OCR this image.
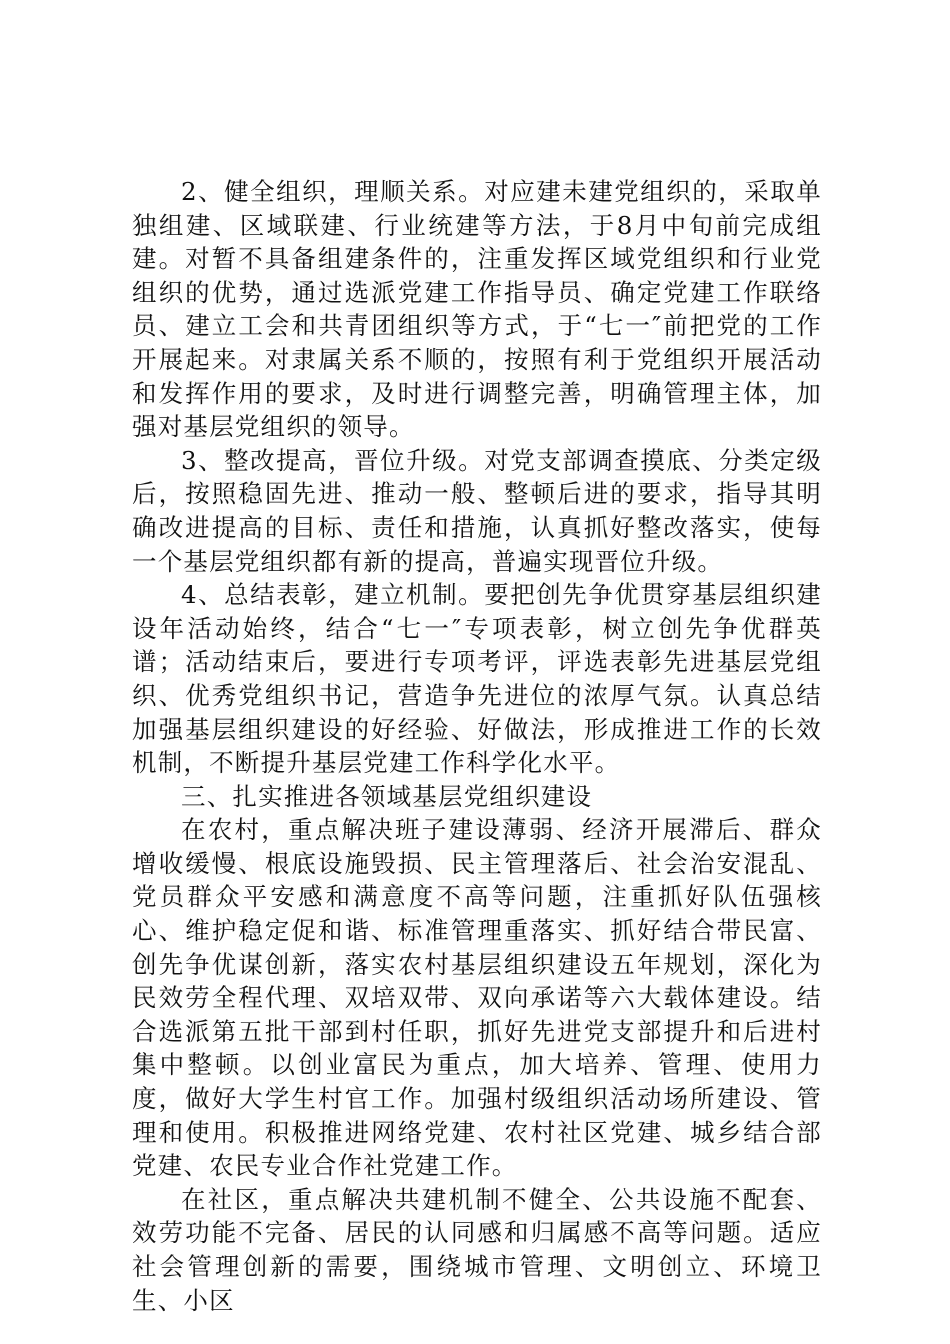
2、健全组织，理顺关系。对应建未建党组织的，采取单独组建、区域联建、行业统建等方法，于8月中旬前完成组建。对暂不具备组建条件的，注重发挥区域党组织和行业党组织的优势，通过选派党建工作指导员、确定党建工作联络员、建立工会和共青团组织等方式，于“七一″前把党的工作开展起来。对隶属关系不顺的，按照有利于党组织开展活动和发挥作用的要求，及时进行调整完善，明确管理主体，加强对基层党组织的领导。

3、整改提高，晋位升级。对党支部调查摸底、分类定级后，按照稳固先进、推动一般、整顿后进的要求，指导其明确改进提高的目标、责任和措施，认真抓好整改落实，使每一个基层党组织都有新的提高，普遍实现晋位升级。

4、总结表彰，建立机制。要把创先争优贯穿基层组织建设年活动始终，结合“七一″专项表彰，树立创先争优群英谱；活动结束后，要进行专项考评，评选表彰先进基层党组织、优秀党组织书记，营造争先进位的浓厚气氛。认真总结加强基层组织建设的好经验、好做法，形成推进工作的长效机制，不断提升基层党建工作科学化水平。

三、扎实推进各领域基层党组织建设

在农村，重点解决班子建设薄弱、经济开展滞后、群众增收缓慢、根底设施毁损、民主管理落后、社会治安混乱、党员群众平安感和满意度不高等问题，注重抓好队伍强核心、维护稳定促和谐、标准管理重落实、抓好结合带民富、创先争优谋创新，落实农村基层组织建设五年规划，深化为民效劳全程代理、双培双带、双向承诺等六大载体建设。结合选派第五批干部到村任职，抓好先进党支部提升和后进村集中整顿。以创业富民为重点，加大培养、管理、使用力度，做好大学生村官工作。加强村级组织活动场所建设、管理和使用。积极推进网络党建、农村社区党建、城乡结合部党建、农民专业合作社党建工作。

在社区，重点解决共建机制不健全、公共设施不配套、效劳功能不完备、居民的认同感和归属感不高等问题。适应社会管理创新的需要，围绕城市管理、文明创立、环境卫生、小区
